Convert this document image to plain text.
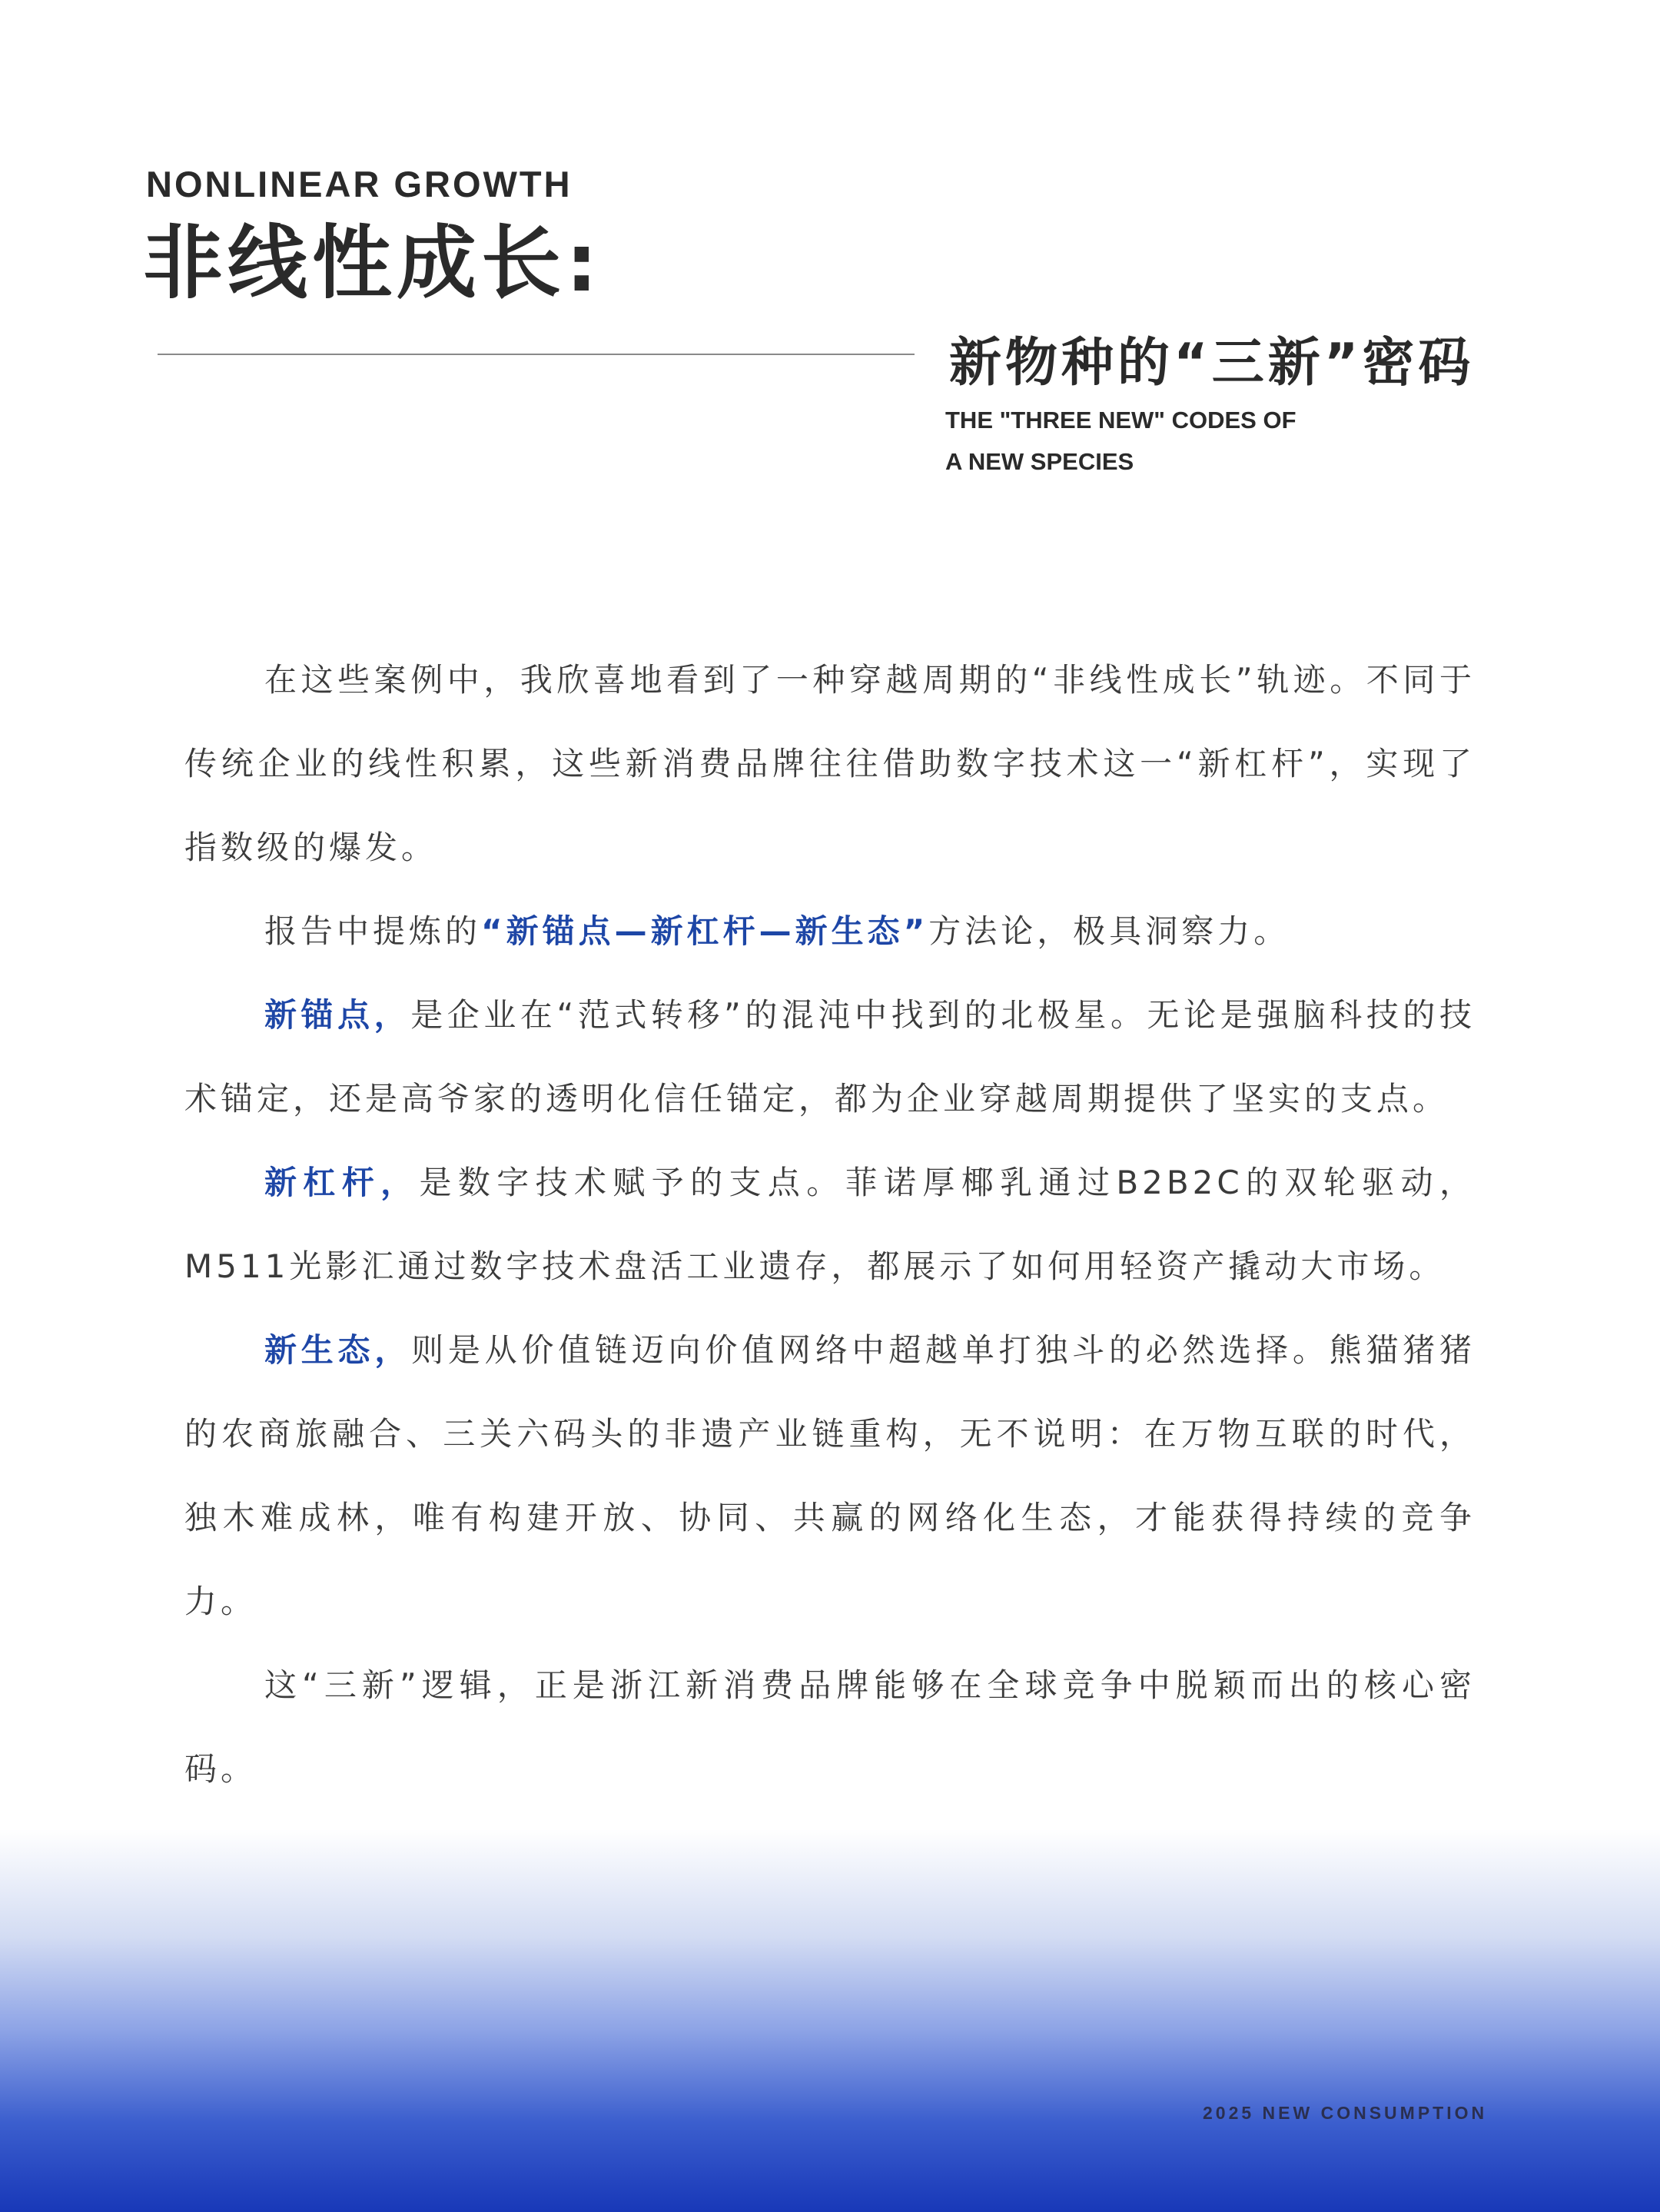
NONLINEAR GROWTH
非线性成长:
新物种的“三新”密码
THE "THREE NEW" CODES OF
A NEW SPECIES

在这些案例中，我欣喜地看到了一种穿越周期的“非线性成长”轨迹。不同于传统企业的线性积累，这些新消费品牌往往借助数字技术这一“新杠杆”，实现了指数级的爆发。

报告中提炼的“新锚点—新杠杆—新生态”方法论，极具洞察力。

新锚点，是企业在“范式转移”的混沌中找到的北极星。无论是强脑科技的技术锚定，还是高爷家的透明化信任锚定，都为企业穿越周期提供了坚实的支点。

新杠杆，是数字技术赋予的支点。菲诺厚椰乳通过B2B2C的双轮驱动，M511光影汇通过数字技术盘活工业遗存，都展示了如何用轻资产撬动大市场。

新生态，则是从价值链迈向价值网络中超越单打独斗的必然选择。熊猫猪猪的农商旅融合、三关六码头的非遗产业链重构，无不说明：在万物互联的时代，独木难成林，唯有构建开放、协同、共赢的网络化生态，才能获得持续的竞争力。

这“三新”逻辑，正是浙江新消费品牌能够在全球竞争中脱颖而出的核心密码。

2025 NEW CONSUMPTION
